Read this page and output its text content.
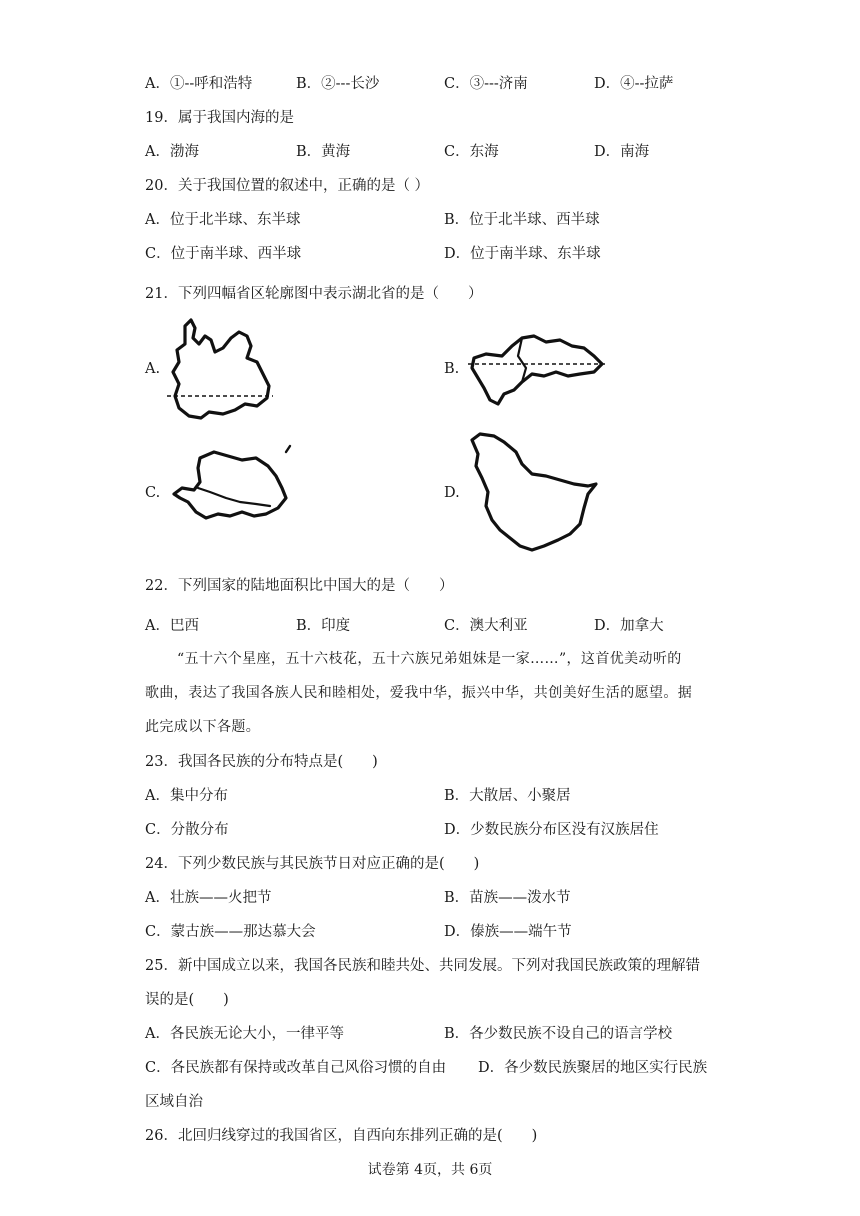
A．①--呼和浩特	B．②---长沙	C．③---济南	D．④--拉萨
19．属于我国内海的是
A．渤海	B．黄海	C．东海	D．南海
20．关于我国位置的叙述中，正确的是（ ）
A．位于北半球、东半球	B．位于北半球、西半球
C．位于南半球、西半球	D．位于南半球、东半球
21．下列四幅省区轮廓图中表示湖北省的是（　　）
A.	B.
C.	D.
22．下列国家的陆地面积比中国大的是（　　）
A．巴西	B．印度	C．澳大利亚	D．加拿大
“五十六个星座，五十六枝花，五十六族兄弟姐妹是一家……”，这首优美动听的
歌曲，表达了我国各族人民和睦相处，爱我中华，振兴中华，共创美好生活的愿望。据
此完成以下各题。
23．我国各民族的分布特点是(　　)
A．集中分布	B．大散居、小聚居
C．分散分布	D．少数民族分布区没有汉族居住
24．下列少数民族与其民族节日对应正确的是(　　)
A．壮族——火把节	B．苗族——泼水节
C．蒙古族——那达慕大会	D．傣族——端午节
25．新中国成立以来，我国各民族和睦共处、共同发展。下列对我国民族政策的理解错
误的是(　　)
A．各民族无论大小，一律平等	B．各少数民族不设自己的语言学校
C．各民族都有保持或改革自己风俗习惯的自由 D．各少数民族聚居的地区实行民族
区域自治
26．北回归线穿过的我国省区，自西向东排列正确的是(　　)
试卷第 4页，共 6页
